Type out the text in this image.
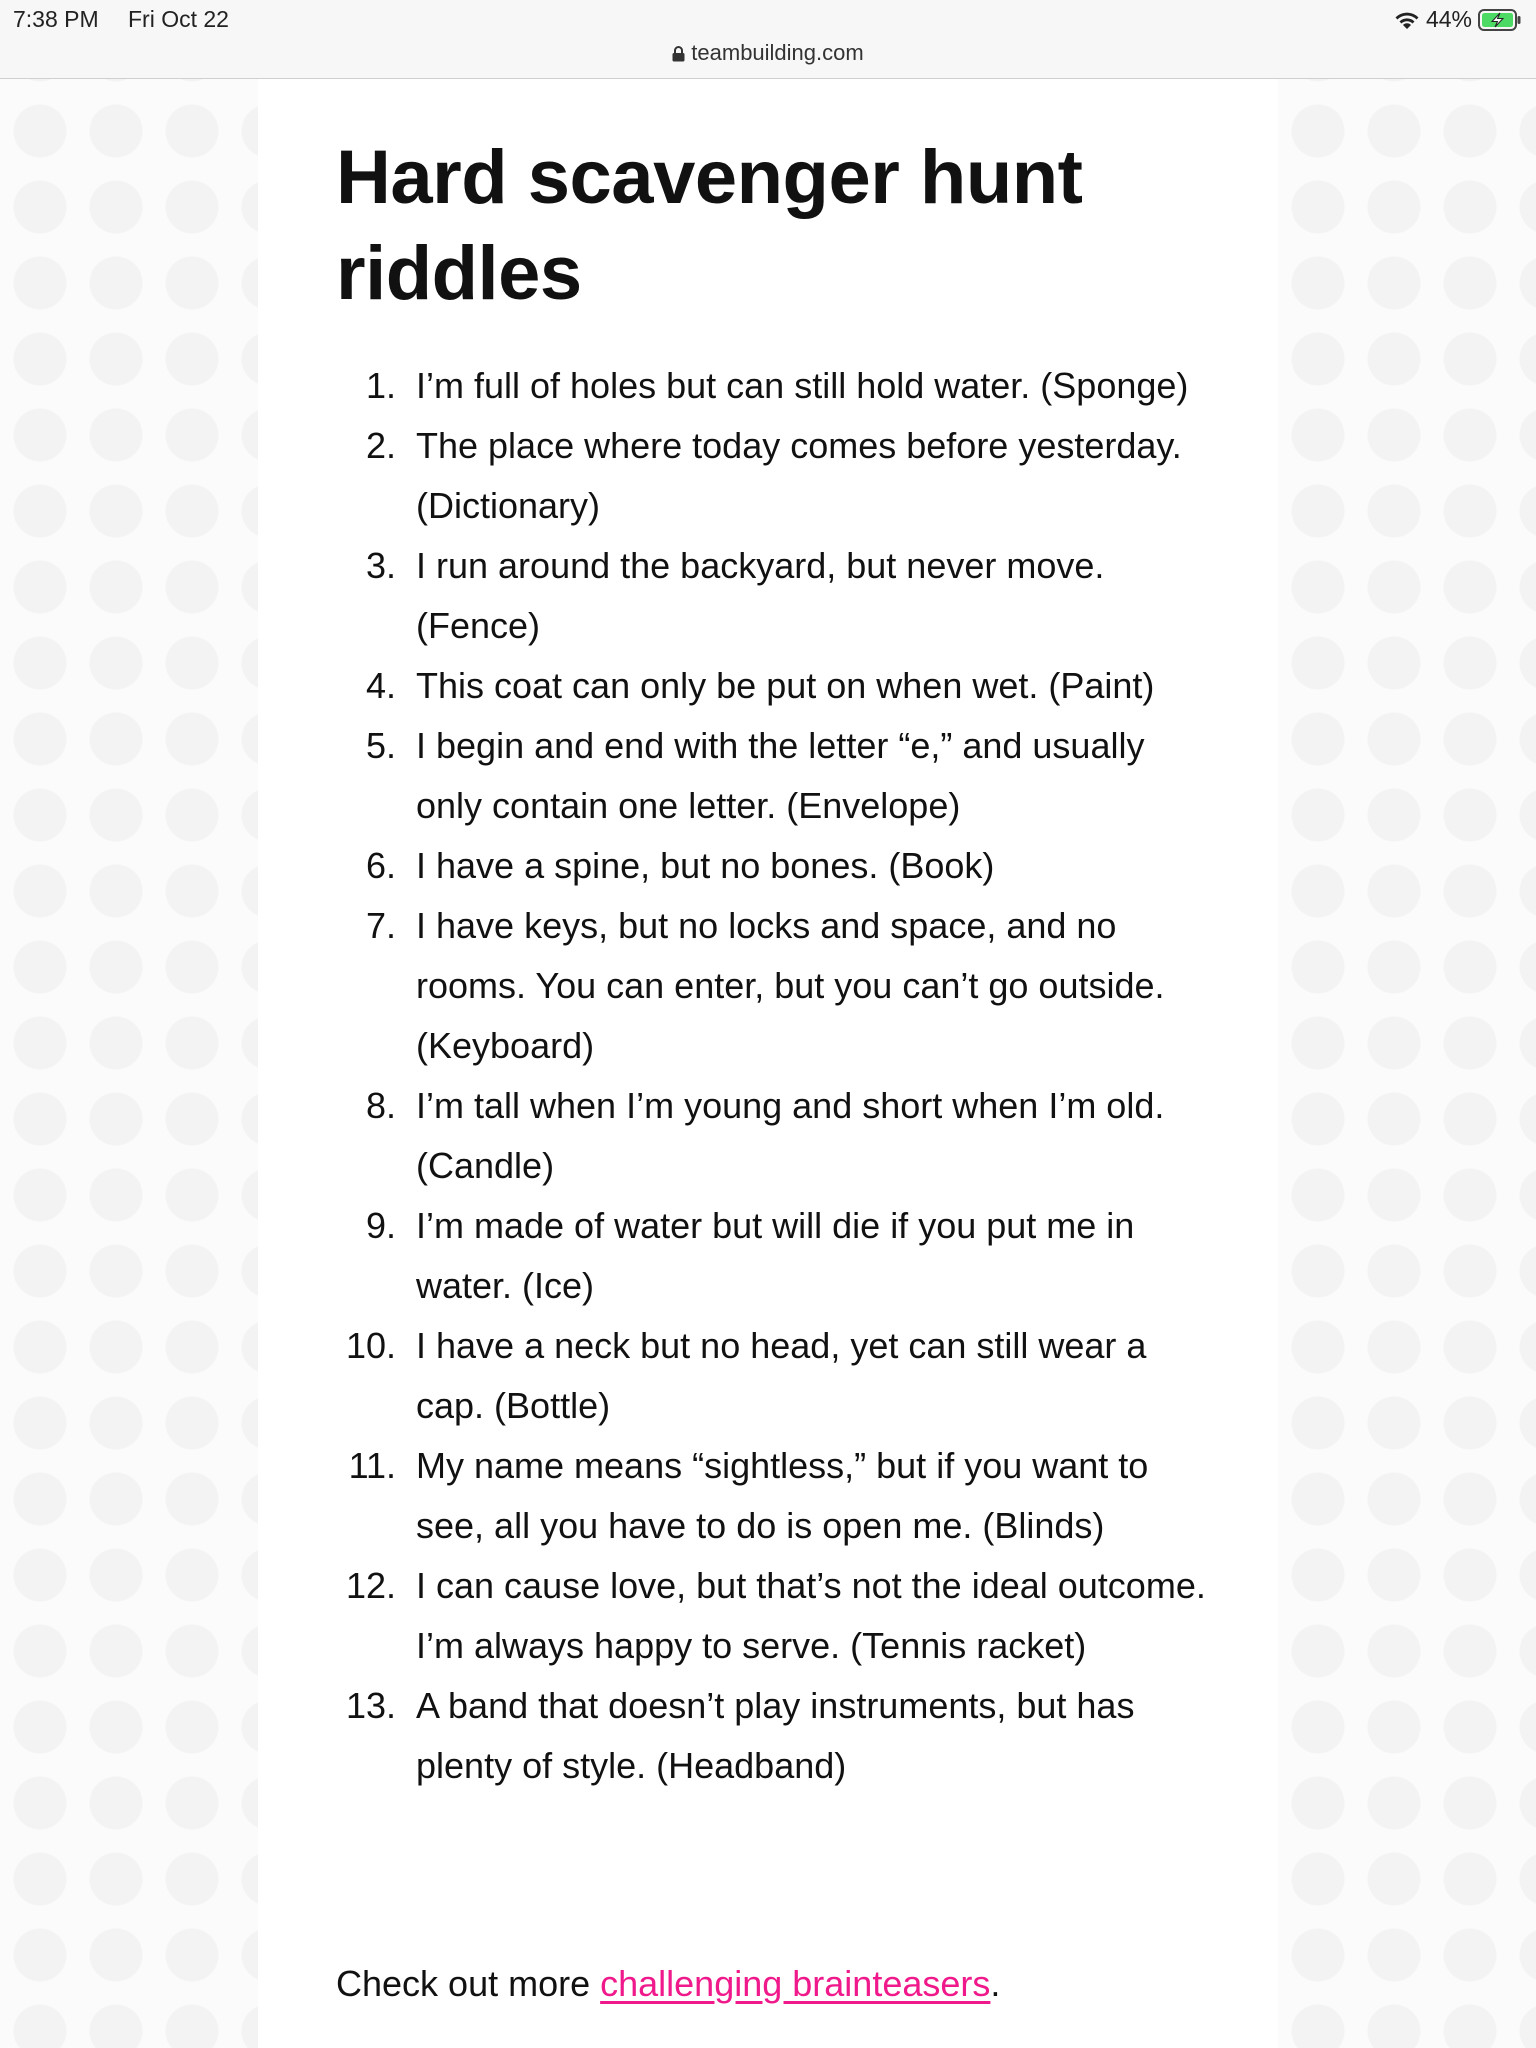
7:38 PM Fri Oct 22	44%
teambuilding.com
Hard scavenger hunt riddles
1. I’m full of holes but can still hold water. (Sponge)
2. The place where today comes before yesterday. (Dictionary)
3. I run around the backyard, but never move. (Fence)
4. This coat can only be put on when wet. (Paint)
5. I begin and end with the letter “e,” and usually only contain one letter. (Envelope)
6. I have a spine, but no bones. (Book)
7. I have keys, but no locks and space, and no rooms. You can enter, but you can’t go outside. (Keyboard)
8. I’m tall when I’m young and short when I’m old. (Candle)
9. I’m made of water but will die if you put me in water. (Ice)
10. I have a neck but no head, yet can still wear a cap. (Bottle)
11. My name means “sightless,” but if you want to see, all you have to do is open me. (Blinds)
12. I can cause love, but that’s not the ideal outcome. I’m always happy to serve. (Tennis racket)
13. A band that doesn’t play instruments, but has plenty of style. (Headband)

Check out more challenging brainteasers.
